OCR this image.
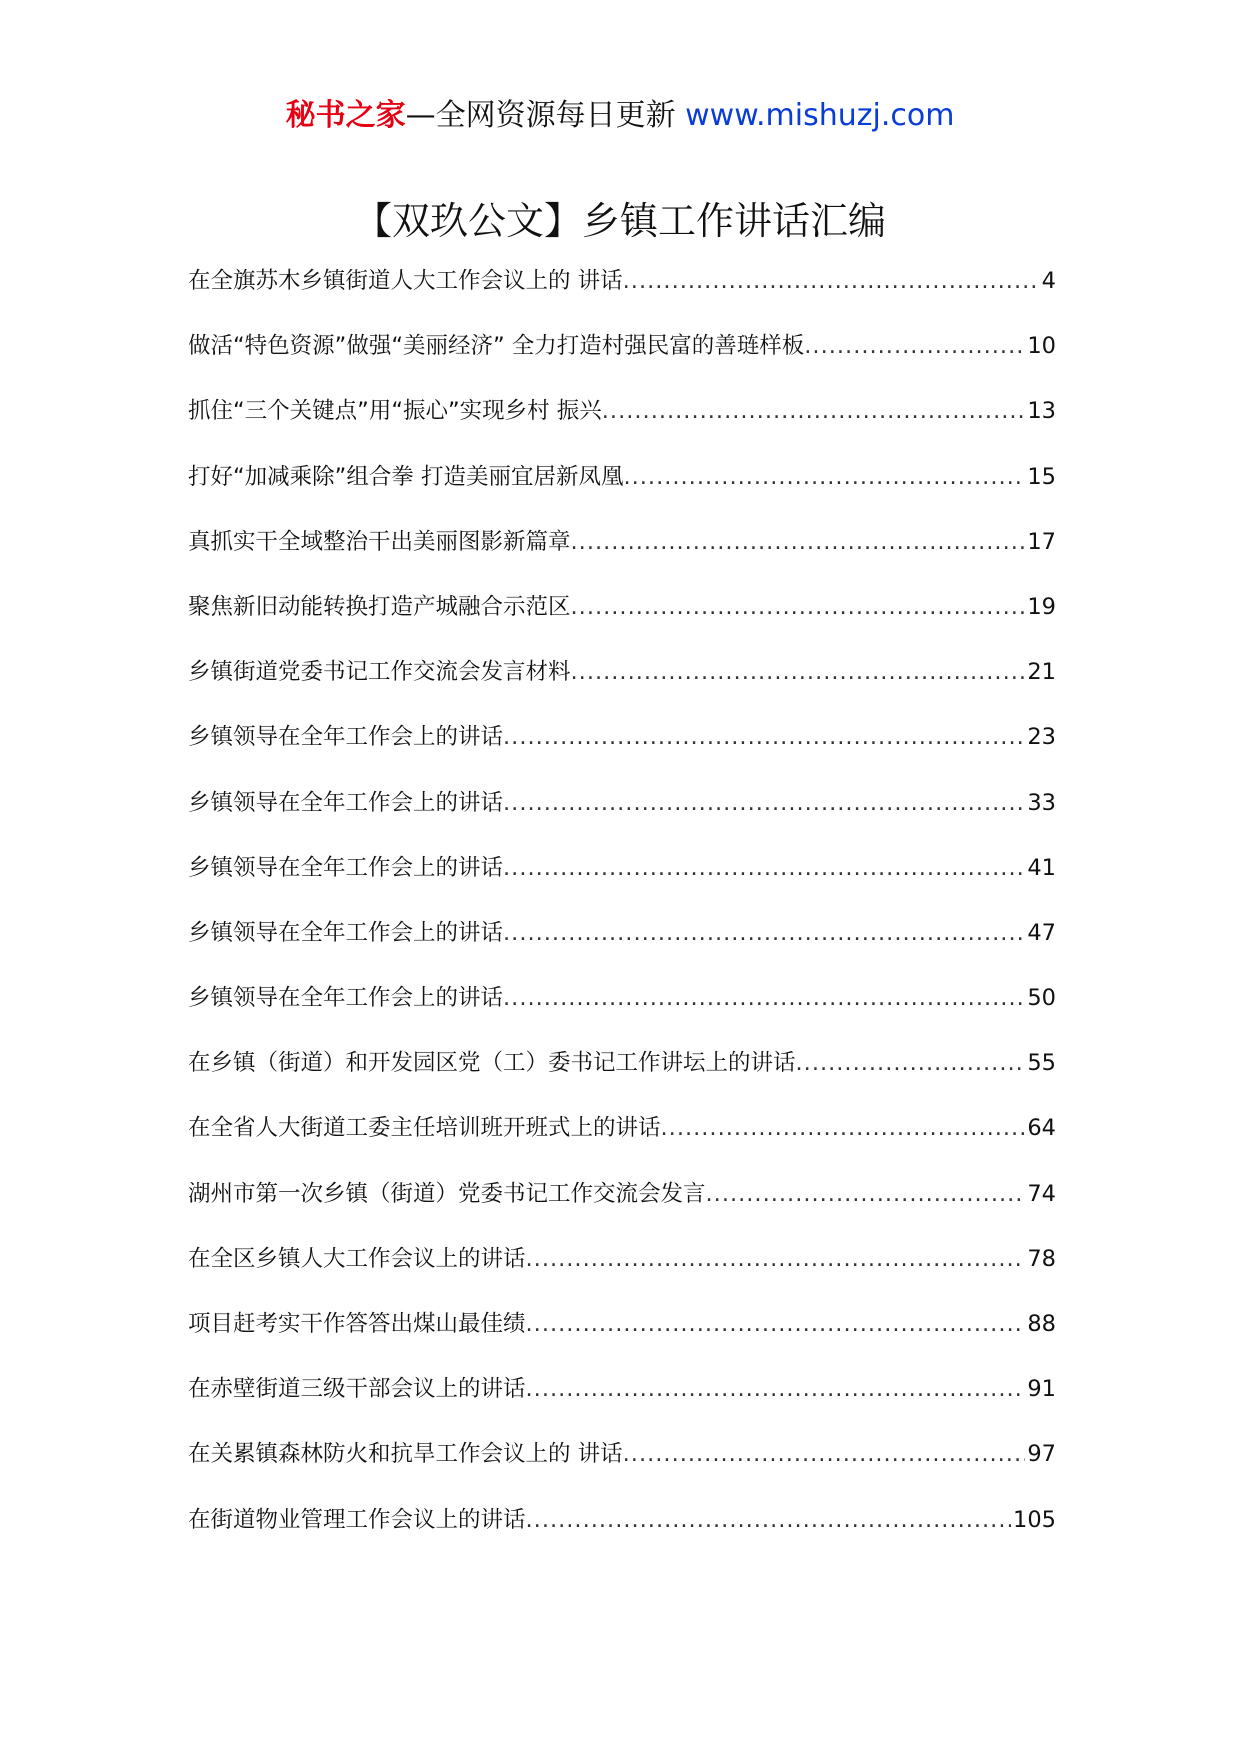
秘书之家—全网资源每日更新 www.mishuzj.com
【双玖公文】乡镇工作讲话汇编
在全旗苏木乡镇街道人大工作会议上的 讲话 .....	4
做活“特色资源”做强“美丽经济” 全力打造村强民富的善琏样板 .....	10
抓住“三个关键点”用“振心”实现乡村 振兴 .....	13
打好“加减乘除”组合拳 打造美丽宜居新凤凰 .....	15
真抓实干全域整治干出美丽图影新篇章 .....	17
聚焦新旧动能转换打造产城融合示范区 .....	19
乡镇街道党委书记工作交流会发言材料 .....	21
乡镇领导在全年工作会上的讲话 .....	23
乡镇领导在全年工作会上的讲话 .....	33
乡镇领导在全年工作会上的讲话 .....	41
乡镇领导在全年工作会上的讲话 .....	47
乡镇领导在全年工作会上的讲话 .....	50
在乡镇（街道）和开发园区党（工）委书记工作讲坛上的讲话 .....	55
在全省人大街道工委主任培训班开班式上的讲话 .....	64
湖州市第一次乡镇（街道）党委书记工作交流会发言 .....	74
在全区乡镇人大工作会议上的讲话 .....	78
项目赶考实干作答答出煤山最佳绩 .....	88
在赤壁街道三级干部会议上的讲话 .....	91
在关累镇森林防火和抗旱工作会议上的 讲话 .....	97
在街道物业管理工作会议上的讲话 .....	105
